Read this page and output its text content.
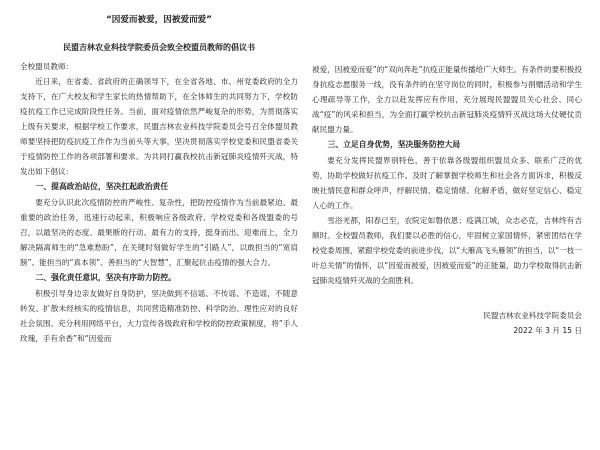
“因爱而被爱，因被爱而爱”
民盟吉林农业科技学院委员会致全校盟员教师的倡议书

全校盟员教师：

近日来，在省委、省政府的正确领导下，在全省各地、市、州党委政府的全力支持下，在广大校友和学生家长的热情帮助下，在全体师生的共同努力下，学校防疫抗疫工作已完成阶段性任务。当前，面对疫情依然严峻复杂的形势，为贯彻落实上级有关要求，根据学校工作要求，民盟吉林农业科技学院委员会号召全体盟员教师要坚持把防疫抗疫工作作为当前头等大事，坚决贯彻落实学校党委和民盟省委关于疫情防控工作的各项部署和要求。为共同打赢我校抗击新冠肺炎疫情歼灭战，特发出如下倡议：

一、提高政治站位，坚决扛起政治责任

要充分认识此次疫情防控的严峻性、复杂性，把防控疫情作为当前最紧迫、最重要的政治任务，迅速行动起来，积极响应各级政府、学校党委和各级盟委的号召，以最坚决的态度、最果断的行动、最有力的支持，挺身而出、迎难而上，全力解决隔离师生的“急难愁盼”，在关键时刻做好学生的“引路人”，以敢担当的“宽肩膀”、能担当的“真本领”、善担当的“大智慧”，汇聚起抗击疫情的强大合力。

二、强化责任意识，坚决有序助力防控。

积极引导身边亲友做好自身防护，坚决做到不信谣、不传谣、不造谣，不随意转发、扩散未经核实的疫情信息，共同营造精准防控、科学防治、理性应对的良好社会氛围。充分利用网络平台，大力宣传各级政府和学校的防控政策制度，将“手人玫瑰，手有余香”和“因爱而

被爱，因被爱而爱”的“双向奔赴”抗疫正能量传播给广大师生。有条件的要积极投身抗疫志愿服务一线，没有条件的在坚守岗位的同时，积极参与捐赠活动和学生心理疏导等工作，全力以赴发挥应有作用，充分展现民盟盟员关心社会、同心战“疫”的风采和担当，为全面打赢学校抗击新冠肺炎疫情歼灭战这场大仗硬仗贡献民盟力量。

三、立足自身优势，坚决服务防控大局

要充分发挥民盟界别特色，善于依靠各级盟组织盟员众多、联系广泛的优势，协助学校做好抗疫工作。及时了解掌握学校师生和社会各方面诉求，积极反映社情民意和群众呼声，纾解民情、稳定情绪、化解矛盾，做好坚定信心、稳定人心的工作。

雪浴羌都，阳春已至，农院定如磐依恩；疫满江城，众志必克，吉林终有吉顺时。全校盟员教师，我们要以必胜的信心，牢固树立家国情怀，紧密团结在学校党委周围，紧跟学校党委的前进步伐，以“大雁高飞头雁领”的担当，以“一枝一叶总关情”的情怀，以“因爱而被爱，因被爱而爱”的正能量，助力学校取得抗击新冠肺炎疫情歼灭战的全面胜利。

民盟吉林农业科技学院委员会

2022 年 3 月 15 日
